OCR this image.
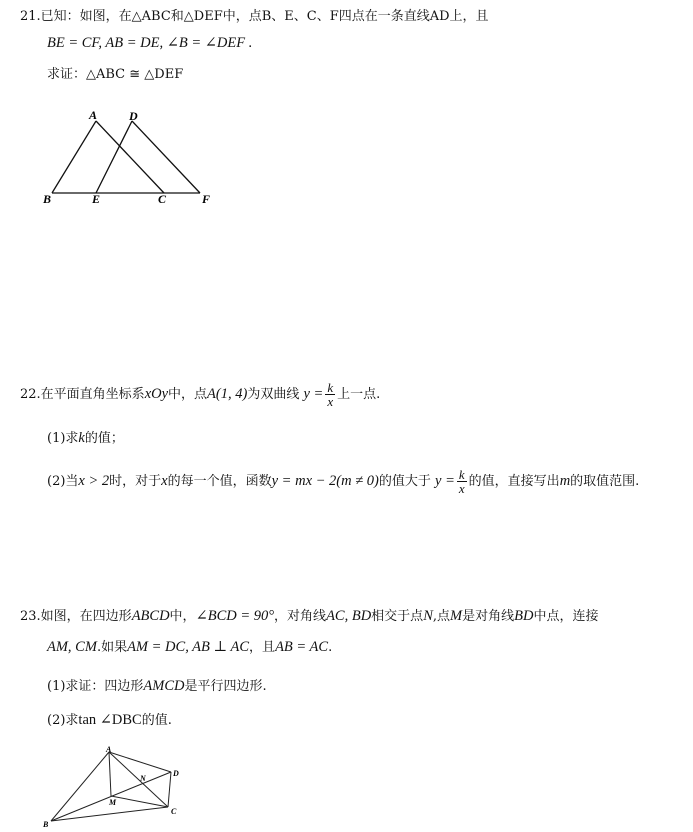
21.已知：如图，在△ABC和△DEF中，点B、E、C、F四点在一条直线AD上，且
BE = CF, AB = DE, ∠B = ∠DEF .
求证：△ABC ≅ △DEF
A	D
B	E	C	F
22.在平面直角坐标系xOy中，点A(1, 4)为双曲线 $y = \frac{k}{x}$ 上一点.
(1)求k的值；
(2)当x > 2时，对于x的每一个值，函数y = mx − 2(m ≠ 0)的值大于 $y = \frac{k}{x}$ 的值，直接写出m的取值范围.
23.如图，在四边形ABCD中，∠BCD = 90°，对角线AC, BD相交于点N,点M是对角线BD中点，连接
AM, CM.如果AM = DC, AB ⊥ AC，且AB = AC.
(1)求证：四边形AMCD是平行四边形.
(2)求tan ∠DBC的值.
A
N
D
M
C
B
